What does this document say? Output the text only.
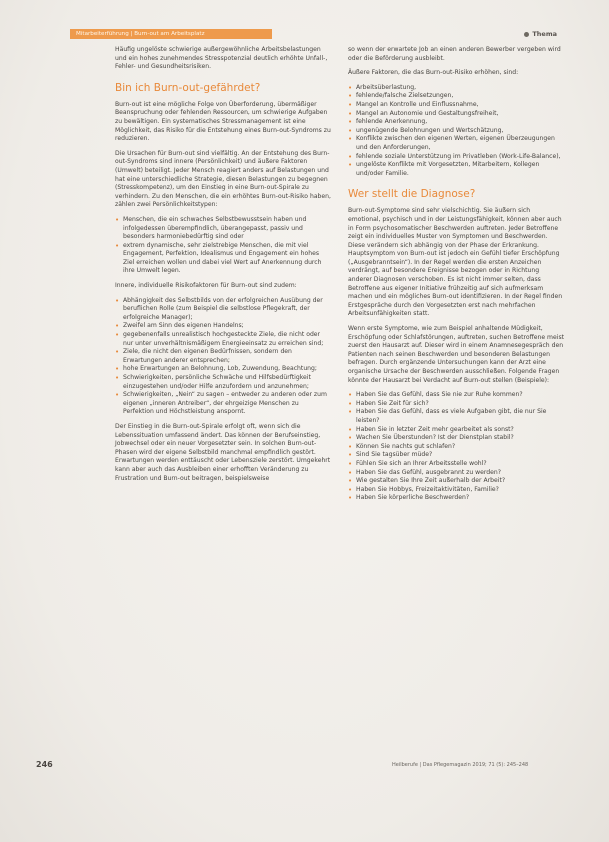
Mitarbeiterführung | Burn-out am Arbeitsplatz	Thema

Häufig ungelöste schwierige außergewöhnliche Arbeitsbelastungen und ein hohes zunehmendes Stresspotenzial deutlich erhöhte Unfall-, Fehler- und Gesundheitsrisiken.

Bin ich Burn-out-gefährdet?

Burn-out ist eine mögliche Folge von Überforderung, übermäßiger Beanspruchung oder fehlenden Ressourcen, um schwierige Aufgaben zu bewältigen. Ein systematisches Stressmanagement ist eine Möglichkeit, das Risiko für die Entstehung eines Burn-out-Syndroms zu reduzieren.

Die Ursachen für Burn-out sind vielfältig. An der Entstehung des Burn-out-Syndroms sind innere (Persönlichkeit) und äußere Faktoren (Umwelt) beteiligt. Jeder Mensch reagiert anders auf Belastungen und hat eine unterschiedliche Strategie, diesen Belastungen zu begegnen (Stresskompetenz), um den Einstieg in eine Burn-out-Spirale zu verhindern. Zu den Menschen, die ein erhöhtes Burn-out-Risiko haben, zählen zwei Persönlichkeitstypen:

• Menschen, die ein schwaches Selbstbewusstsein haben und infolgedessen überempfindlich, überangepasst, passiv und besonders harmoniebedürftig sind oder
• extrem dynamische, sehr zielstrebige Menschen, die mit viel Engagement, Perfektion, Idealismus und Engagement ein hohes Ziel erreichen wollen und dabei viel Wert auf Anerkennung durch ihre Umwelt legen.

Innere, individuelle Risikofaktoren für Burn-out sind zudem:

• Abhängigkeit des Selbstbilds von der erfolgreichen Ausübung der beruflichen Rolle (zum Beispiel die selbstlose Pflegekraft, der erfolgreiche Manager);
• Zweifel am Sinn des eigenen Handelns;
• gegebenenfalls unrealistisch hochgesteckte Ziele, die nicht oder nur unter unverhältnismäßigem Energieeinsatz zu erreichen sind;
• Ziele, die nicht den eigenen Bedürfnissen, sondern den Erwartungen anderer entsprechen;
• hohe Erwartungen an Belohnung, Lob, Zuwendung, Beachtung;
• Schwierigkeiten, persönliche Schwäche und Hilfsbedürftigkeit einzugestehen und/oder Hilfe anzufordern und anzunehmen;
• Schwierigkeiten, „Nein“ zu sagen – entweder zu anderen oder zum eigenen „inneren Antreiber“, der ehrgeizige Menschen zu Perfektion und Höchstleistung anspornt.

Der Einstieg in die Burn-out-Spirale erfolgt oft, wenn sich die Lebenssituation umfassend ändert. Das können der Berufseinstieg, Jobwechsel oder ein neuer Vorgesetzter sein. In solchen Burn-out-Phasen wird der eigene Selbstbild manchmal empfindlich gestört. Erwartungen werden enttäuscht oder Lebensziele zerstört. Umgekehrt kann aber auch das Ausbleiben einer erhofften Veränderung zu Frustration und Burn-out beitragen, beispielsweise

so wenn der erwartete Job an einen anderen Bewerber vergeben wird oder die Beförderung ausbleibt.

Äußere Faktoren, die das Burn-out-Risiko erhöhen, sind:

• Arbeitsüberlastung,
• fehlende/falsche Zielsetzungen,
• Mangel an Kontrolle und Einflussnahme,
• Mangel an Autonomie und Gestaltungsfreiheit,
• fehlende Anerkennung,
• ungenügende Belohnungen und Wertschätzung,
• Konflikte zwischen den eigenen Werten, eigenen Überzeugungen und den Anforderungen,
• fehlende soziale Unterstützung im Privatleben (Work-Life-Balance),
• ungelöste Konflikte mit Vorgesetzten, Mitarbeitern, Kollegen und/oder Familie.
Wer stellt die Diagnose?

Burn-out-Symptome sind sehr vielschichtig. Sie äußern sich emotional, psychisch und in der Leistungsfähigkeit, können aber auch in Form psychosomatischer Beschwerden auftreten. Jeder Betroffene zeigt ein individuelles Muster von Symptomen und Beschwerden. Diese verändern sich abhängig von der Phase der Erkrankung. Hauptsymptom von Burn-out ist jedoch ein Gefühl tiefer Erschöpfung („Ausgebranntsein“). In der Regel werden die ersten Anzeichen verdrängt, auf besondere Ereignisse bezogen oder in Richtung anderer Diagnosen verschoben. Es ist nicht immer selten, dass Betroffene aus eigener Initiative frühzeitig auf sich aufmerksam machen und ein mögliches Burn-out identifizieren. In der Regel finden Erstgespräche durch den Vorgesetzten erst nach mehrfachen Arbeitsunfähigkeiten statt.

Wenn erste Symptome, wie zum Beispiel anhaltende Müdigkeit, Erschöpfung oder Schlafstörungen, auftreten, suchen Betroffene meist zuerst den Hausarzt auf. Dieser wird in einem Anamnesegespräch den Patienten nach seinen Beschwerden und besonderen Belastungen befragen. Durch ergänzende Untersuchungen kann der Arzt eine organische Ursache der Beschwerden ausschließen. Folgende Fragen könnte der Hausarzt bei Verdacht auf Burn-out stellen (Beispiele):

• Haben Sie das Gefühl, dass Sie nie zur Ruhe kommen?
• Haben Sie Zeit für sich?
• Haben Sie das Gefühl, dass es viele Aufgaben gibt, die nur Sie leisten?
• Haben Sie in letzter Zeit mehr gearbeitet als sonst?
• Wachen Sie Überstunden? Ist der Dienstplan stabil?
• Können Sie nachts gut schlafen?
• Sind Sie tagsüber müde?
• Fühlen Sie sich an Ihrer Arbeitsstelle wohl?
• Haben Sie das Gefühl, ausgebrannt zu werden?
• Wie gestalten Sie Ihre Zeit außerhalb der Arbeit?
• Haben Sie Hobbys, Freizeitaktivitäten, Familie?
• Haben Sie körperliche Beschwerden?
246	Heilberufe | Das Pflegemagazin 2019; 71 (5): 245–248
